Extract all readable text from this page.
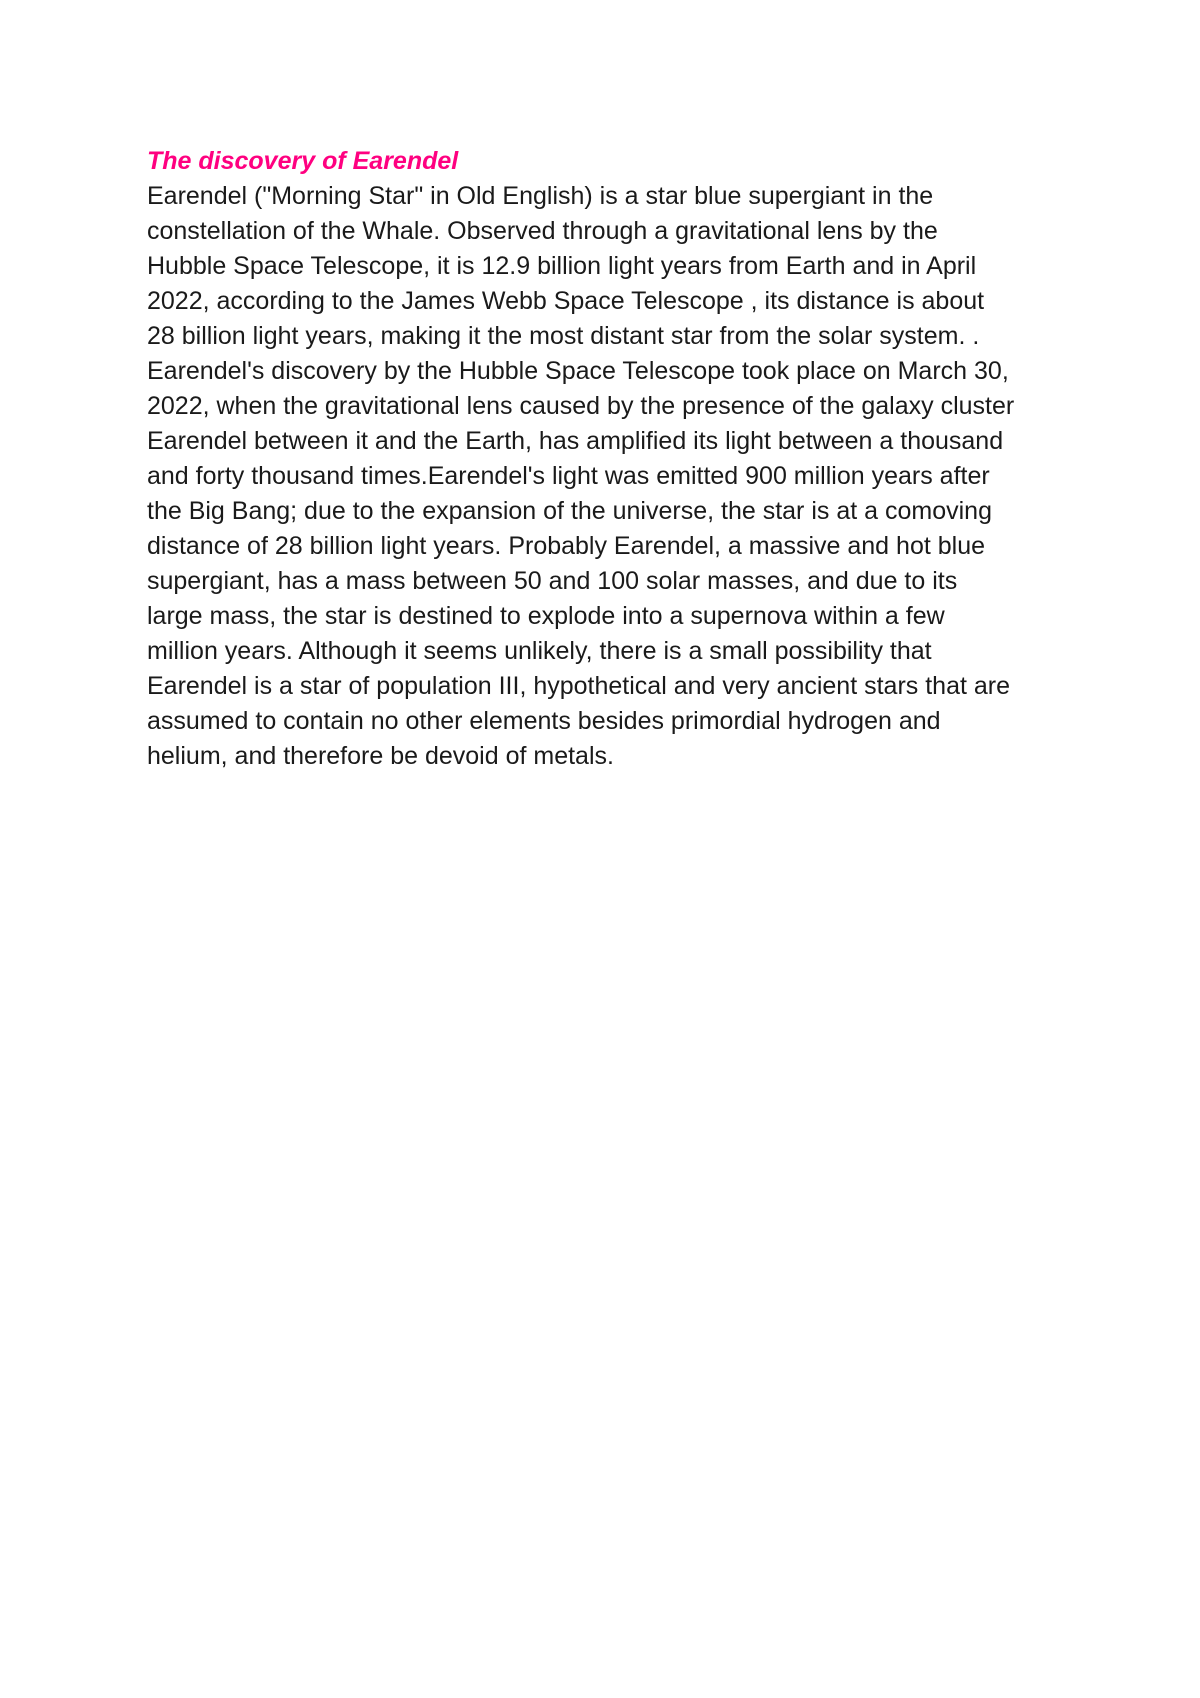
The discovery of Earendel
Earendel ("Morning Star" in Old English) is a star blue supergiant in the
constellation of the Whale. Observed through a gravitational lens by the
Hubble Space Telescope, it is 12.9 billion light years from Earth and in April
2022, according to the James Webb Space Telescope , its distance is about
28 billion light years, making it the most distant star from the solar system. .
Earendel's discovery by the Hubble Space Telescope took place on March 30,
2022, when the gravitational lens caused by the presence of the galaxy cluster
Earendel between it and the Earth, has amplified its light between a thousand
and forty thousand times.Earendel's light was emitted 900 million years after
the Big Bang; due to the expansion of the universe, the star is at a comoving
distance of 28 billion light years. Probably Earendel, a massive and hot blue
supergiant, has a mass between 50 and 100 solar masses, and due to its
large mass, the star is destined to explode into a supernova within a few
million years. Although it seems unlikely, there is a small possibility that
Earendel is a star of population III, hypothetical and very ancient stars that are
assumed to contain no other elements besides primordial hydrogen and
helium, and therefore be devoid of metals.
